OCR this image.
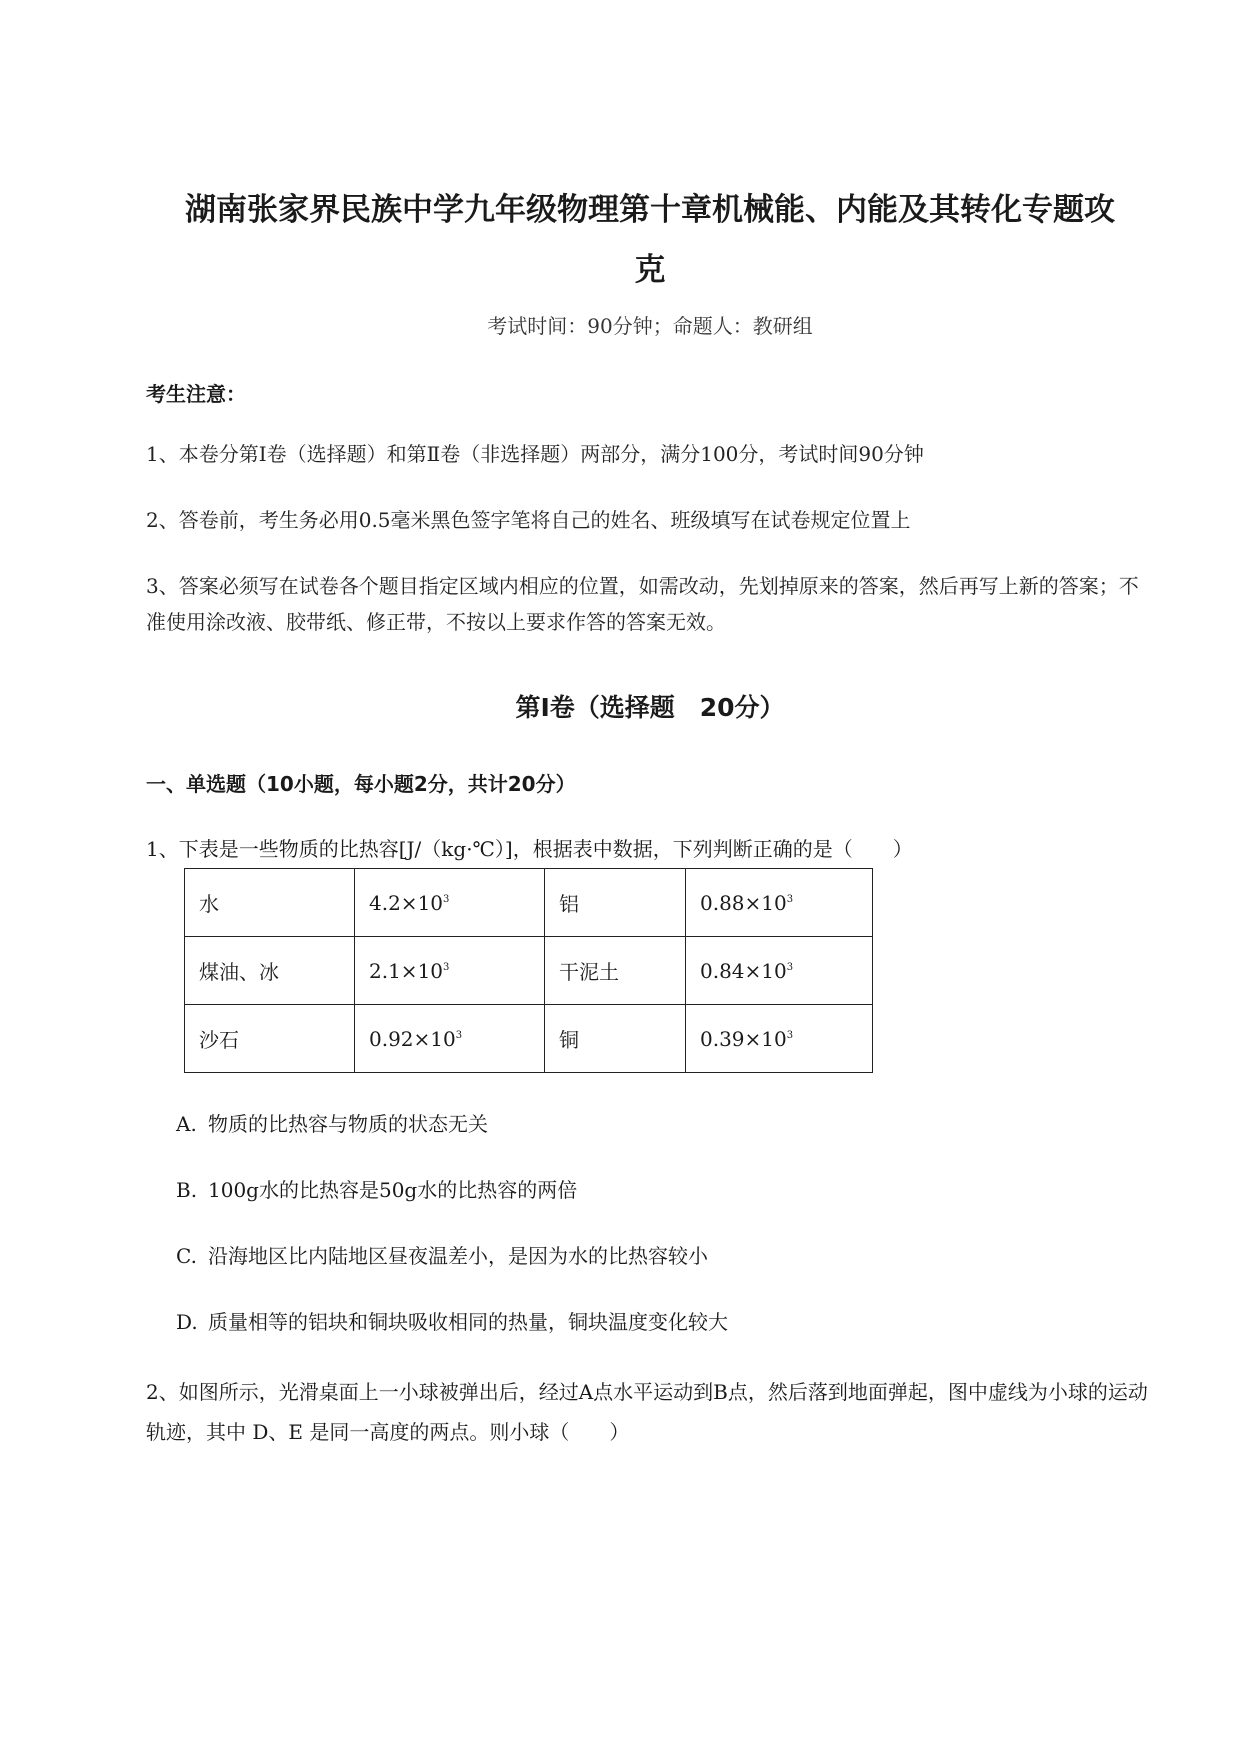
湖南张家界民族中学九年级物理第十章机械能、内能及其转化专题攻
克
考试时间：90分钟；命题人：教研组
考生注意：
1、本卷分第Ⅰ卷（选择题）和第Ⅱ卷（非选择题）两部分，满分100分，考试时间90分钟
2、答卷前，考生务必用0.5毫米黑色签字笔将自己的姓名、班级填写在试卷规定位置上
3、答案必须写在试卷各个题目指定区域内相应的位置，如需改动，先划掉原来的答案，然后再写上新的答案；不准使用涂改液、胶带纸、修正带，不按以上要求作答的答案无效。
第Ⅰ卷（选择题　20分）
一、单选题（10小题，每小题2分，共计20分）
1、下表是一些物质的比热容[J/（kg·℃）]，根据表中数据，下列判断正确的是（　　）
水	$4.2\times 10^3$	铝	$0.88\times 10^3$
煤油、冰	$2.1\times 10^3$	干泥土	$0.84\times 10^3$
沙石	$0.92\times 10^3$	铜	$0.39\times 10^3$
A. 物质的比热容与物质的状态无关
B. 100g水的比热容是50g水的比热容的两倍
C. 沿海地区比内陆地区昼夜温差小，是因为水的比热容较小
D. 质量相等的铝块和铜块吸收相同的热量，铜块温度变化较大
2、如图所示，光滑桌面上一小球被弹出后，经过A点水平运动到B点，然后落到地面弹起，图中虚线为小球的运动轨迹，其中 D、E 是同一高度的两点。则小球（　　）
